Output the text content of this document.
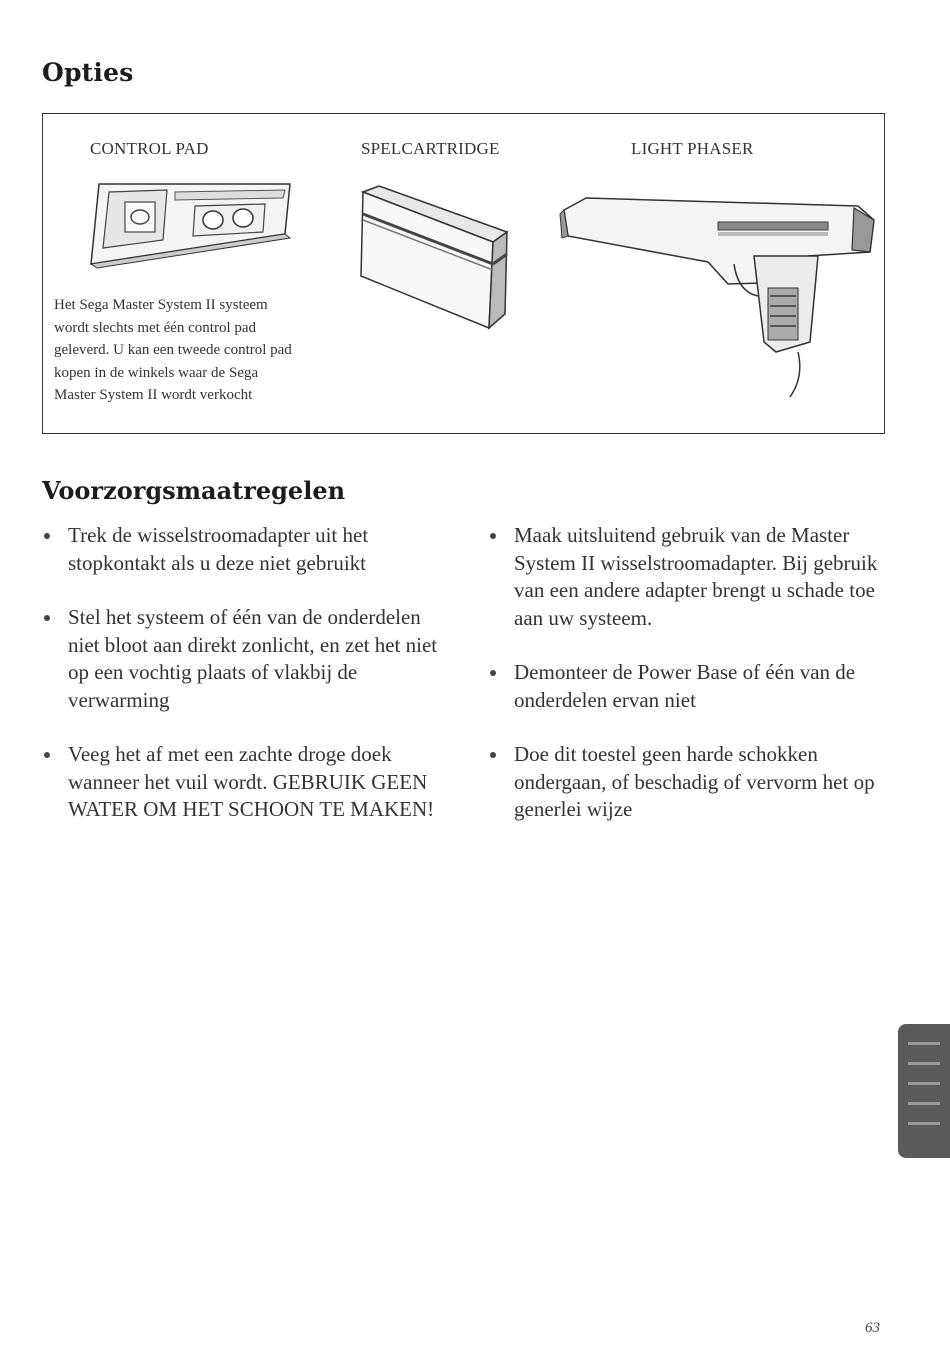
Opties
CONTROL PAD	SPELCARTRIDGE	LIGHT PHASER
Het Sega Master System II systeem
wordt slechts met één control pad
geleverd. U kan een tweede control pad
kopen in de winkels waar de Sega
Master System II wordt verkocht
Voorzorgsmaatregelen
Trek de wisselstroomadapter uit het stopkontakt als u deze niet gebruikt
Stel het systeem of één van de onderdelen niet bloot aan direkt zonlicht, en zet het niet op een vochtig plaats of vlakbij de verwarming
Veeg het af met een zachte droge doek wanneer het vuil wordt. GEBRUIK GEEN WATER OM HET SCHOON TE MAKEN!
Maak uitsluitend gebruik van de Master System II wisselstroomadapter. Bij gebruik van een andere adapter brengt u schade toe aan uw systeem.
Demonteer de Power Base of één van de onderdelen ervan niet
Doe dit toestel geen harde schokken ondergaan, of beschadig of vervorm het op generlei wijze
63
